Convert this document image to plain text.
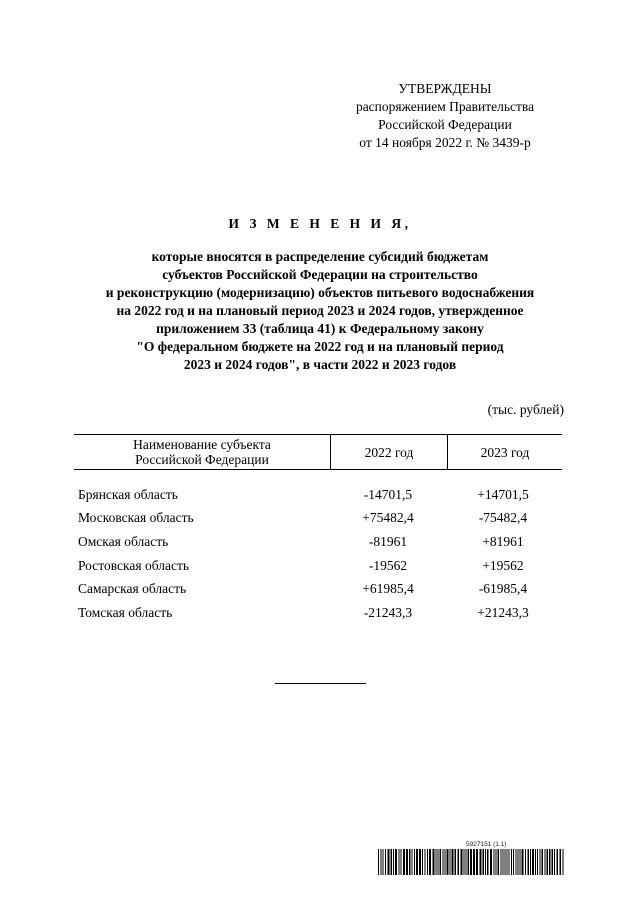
УТВЕРЖДЕНЫ
распоряжением Правительства
Российской Федерации
от 14 ноября 2022 г. № 3439-р
И З М Е Н Е Н И Я,
которые вносятся в распределение субсидий бюджетам
субъектов Российской Федерации на строительство
и реконструкцию (модернизацию) объектов питьевого водоснабжения
на 2022 год и на плановый период 2023 и 2024 годов, утвержденное
приложением 33 (таблица 41) к Федеральному закону
"О федеральном бюджете на 2022 год и на плановый период
2023 и 2024 годов", в части 2022 и 2023 годов
(тыс. рублей)
Наименование субъекта
Российской Федерации	2022 год	2023 год
Брянская область	-14701,5	+14701,5
Московская область	+75482,4	-75482,4
Омская область	-81961	+81961
Ростовская область	-19562	+19562
Самарская область	+61985,4	-61985,4
Томская область	-21243,3	+21243,3
5927151 (1.1)
